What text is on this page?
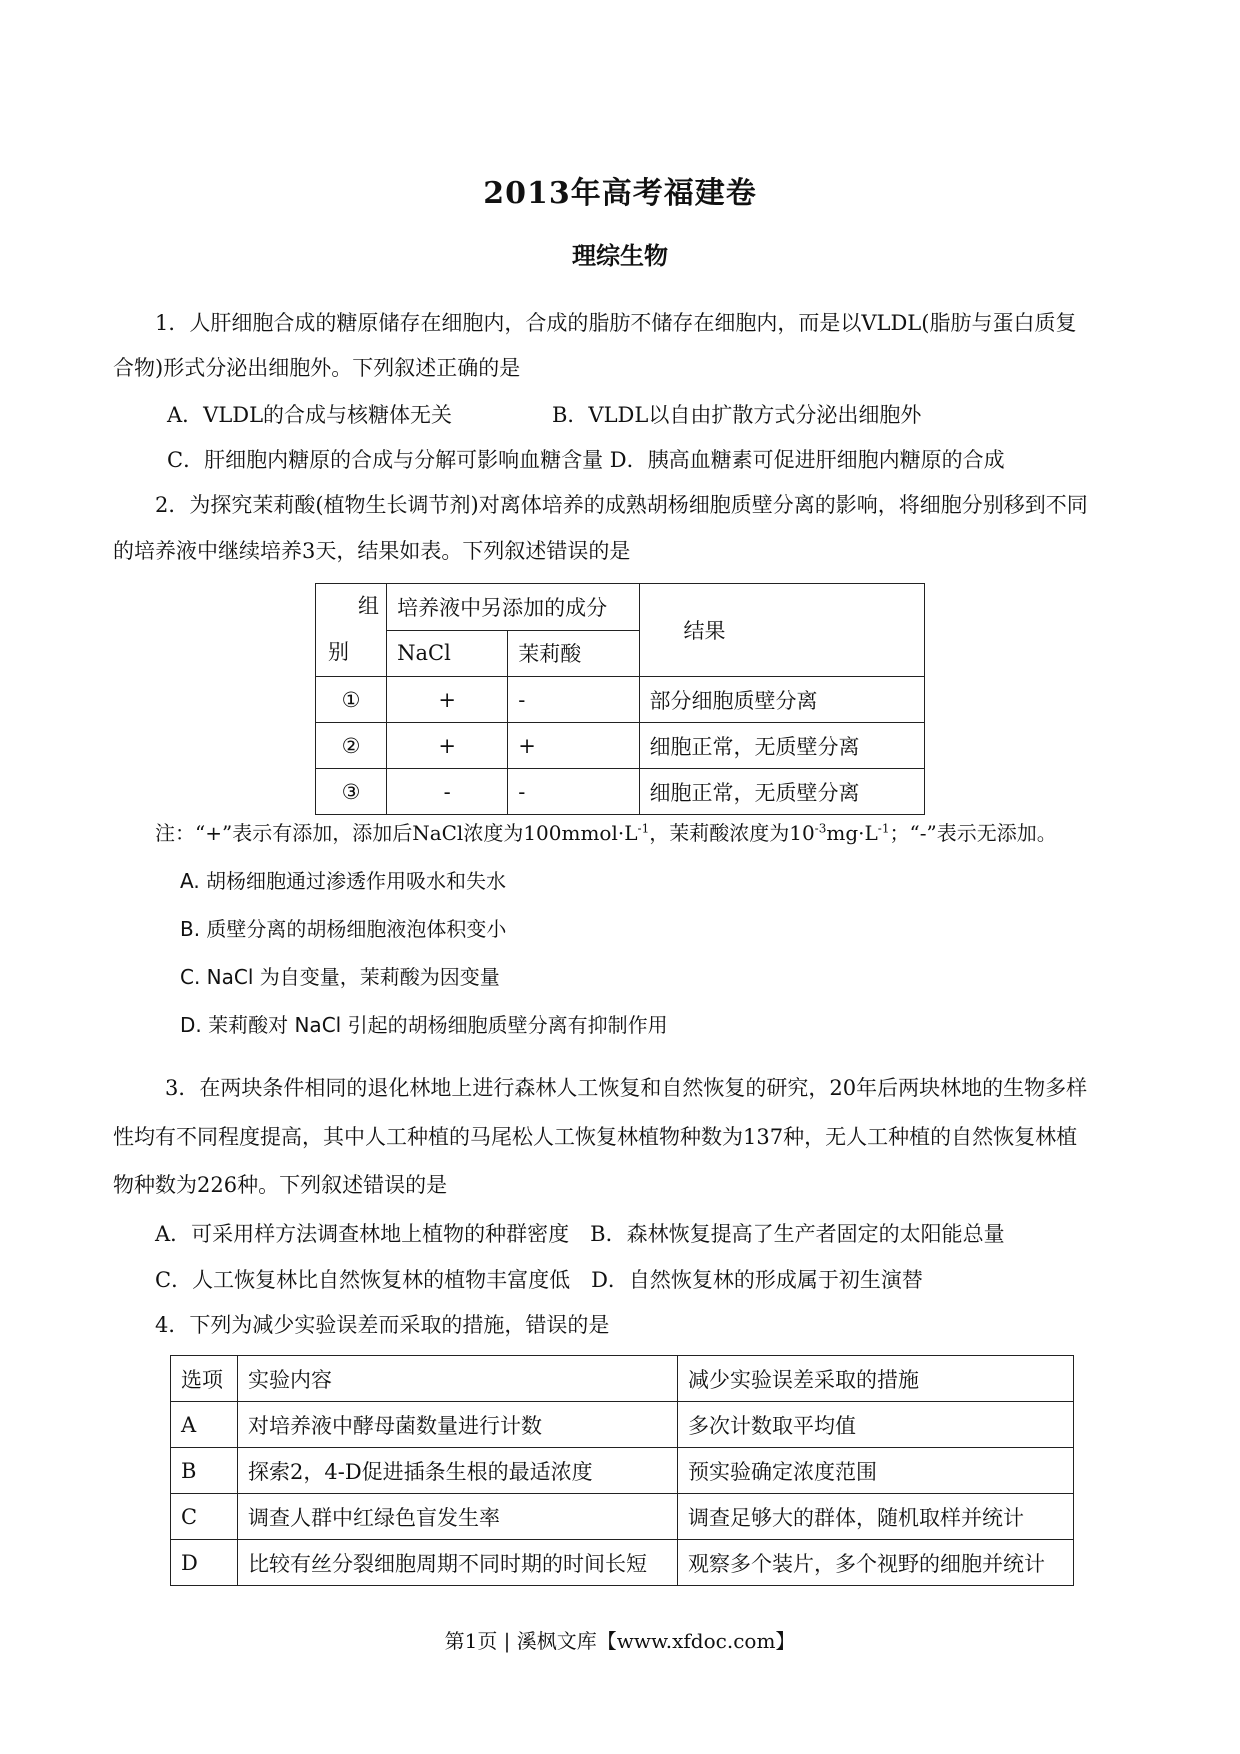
2013年高考福建卷
理综生物
1．人肝细胞合成的糖原储存在细胞内，合成的脂肪不储存在细胞内，而是以VLDL(脂肪与蛋白质复
合物)形式分泌出细胞外。下列叙述正确的是
A．VLDL的合成与核糖体无关	B．VLDL以自由扩散方式分泌出细胞外
C．肝细胞内糖原的合成与分解可影响血糖含量 D．胰高血糖素可促进肝细胞内糖原的合成
2．为探究茉莉酸(植物生长调节剂)对离体培养的成熟胡杨细胞质壁分离的影响，将细胞分别移到不同
的培养液中继续培养3天，结果如表。下列叙述错误的是
组
别	培养液中另添加的成分		结果
	NaCl	茉莉酸	
①	+	-	部分细胞质壁分离
②	+	+	细胞正常，无质壁分离
③	-	-	细胞正常，无质壁分离
注：“+”表示有添加，添加后NaCl浓度为$100mmol\cdot L^{-1}$，茉莉酸浓度为$10^{-3}mg\cdot L^{-1}$；“-”表示无添加。
A. 胡杨细胞通过渗透作用吸水和失水
B. 质壁分离的胡杨细胞液泡体积变小
C. NaCl 为自变量，茉莉酸为因变量
D. 茉莉酸对 NaCl 引起的胡杨细胞质壁分离有抑制作用
3．在两块条件相同的退化林地上进行森林人工恢复和自然恢复的研究，20年后两块林地的生物多样
性均有不同程度提高，其中人工种植的马尾松人工恢复林植物种数为137种，无人工种植的自然恢复林植
物种数为226种。下列叙述错误的是
A．可采用样方法调查林地上植物的种群密度　B．森林恢复提高了生产者固定的太阳能总量
C．人工恢复林比自然恢复林的植物丰富度低　D．自然恢复林的形成属于初生演替
4．下列为减少实验误差而采取的措施，错误的是
选项	实验内容	减少实验误差采取的措施
A	对培养液中酵母菌数量进行计数	多次计数取平均值
B	探索2，4-D促进插条生根的最适浓度	预实验确定浓度范围
C	调查人群中红绿色盲发生率	调查足够大的群体，随机取样并统计
D	比较有丝分裂细胞周期不同时期的时间长短	观察多个装片，多个视野的细胞并统计
第1页 | 溪枫文库【www.xfdoc.com】
